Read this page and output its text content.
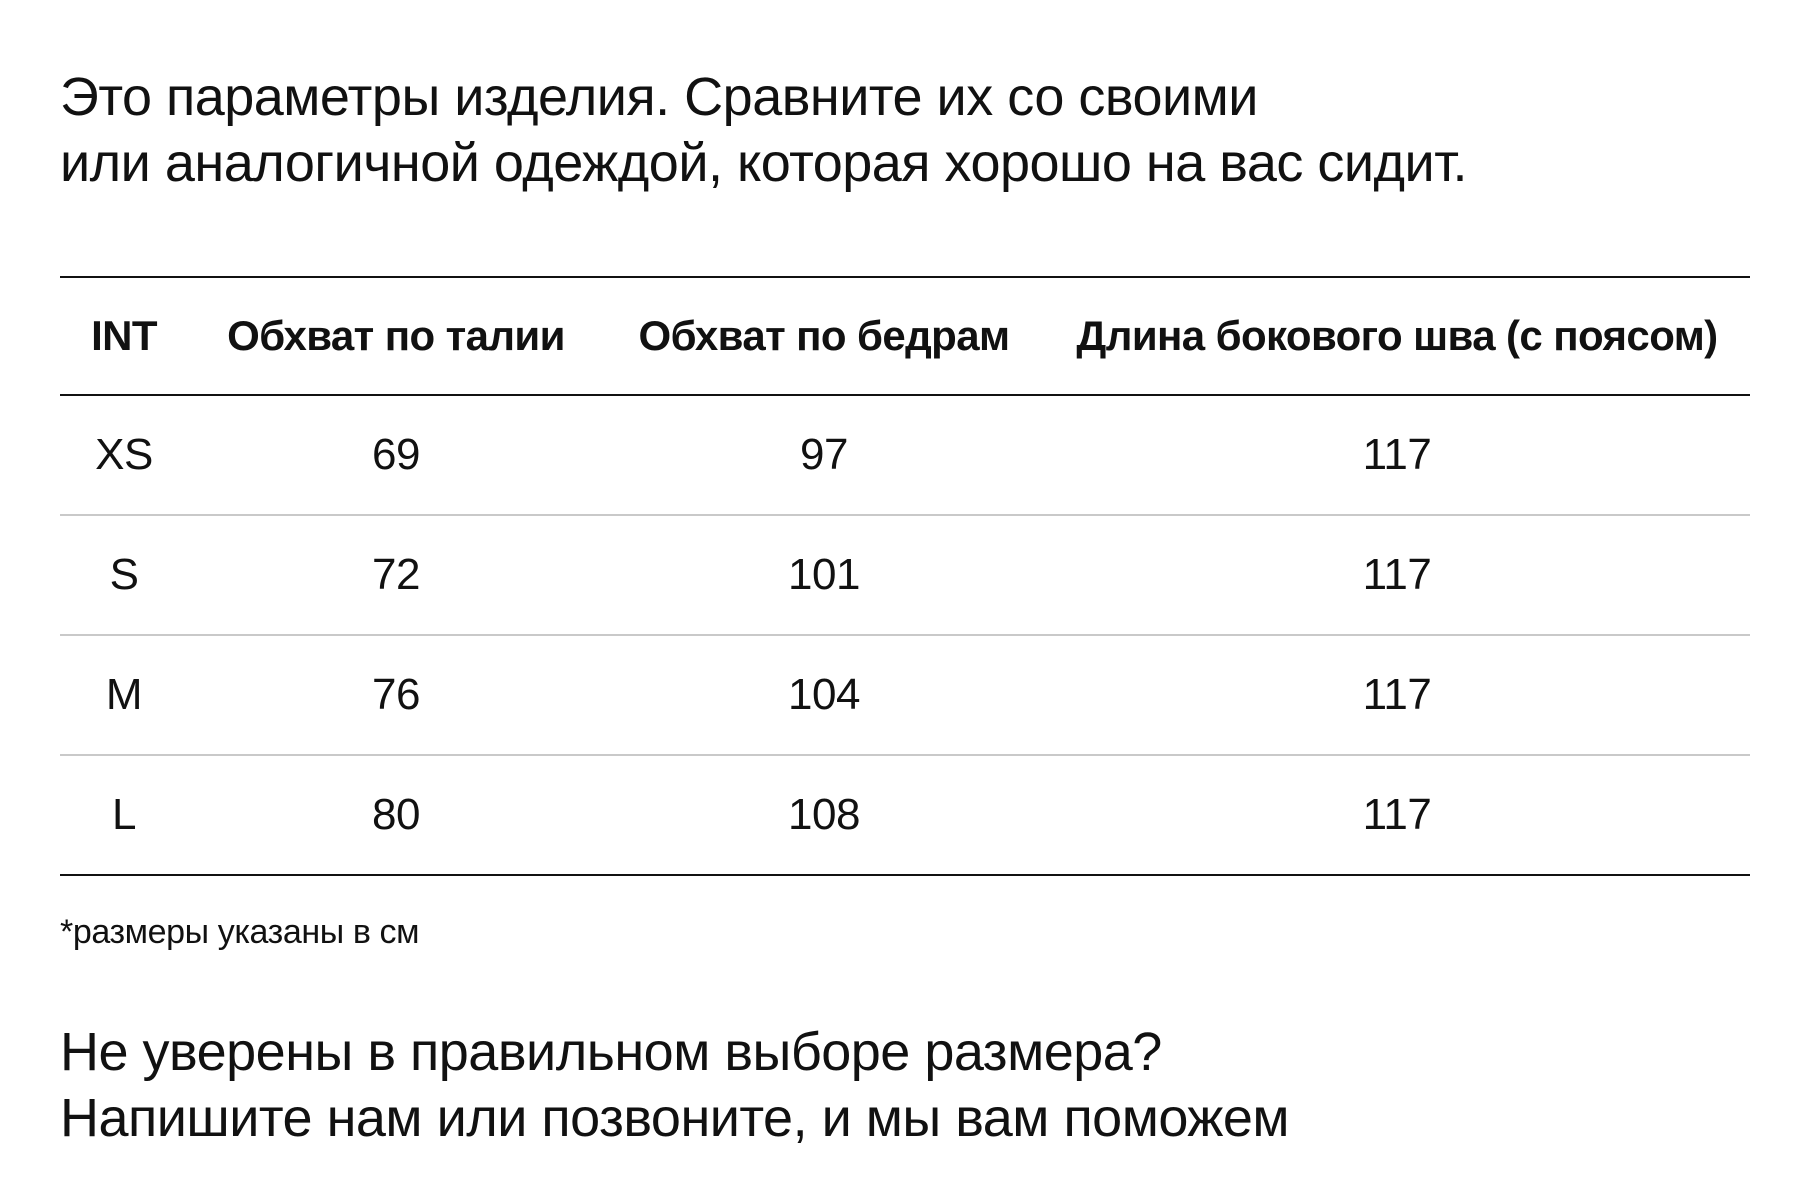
Это параметры изделия. Сравните их со своими
или аналогичной одеждой, которая хорошо на вас сидит.
INT	Обхват по талии	Обхват по бедрам	Длина бокового шва (с поясом)
XS	69	97	117
S	72	101	117
M	76	104	117
L	80	108	117
*размеры указаны в см
Не уверены в правильном выборе размера?
Напишите нам или позвоните, и мы вам поможем
